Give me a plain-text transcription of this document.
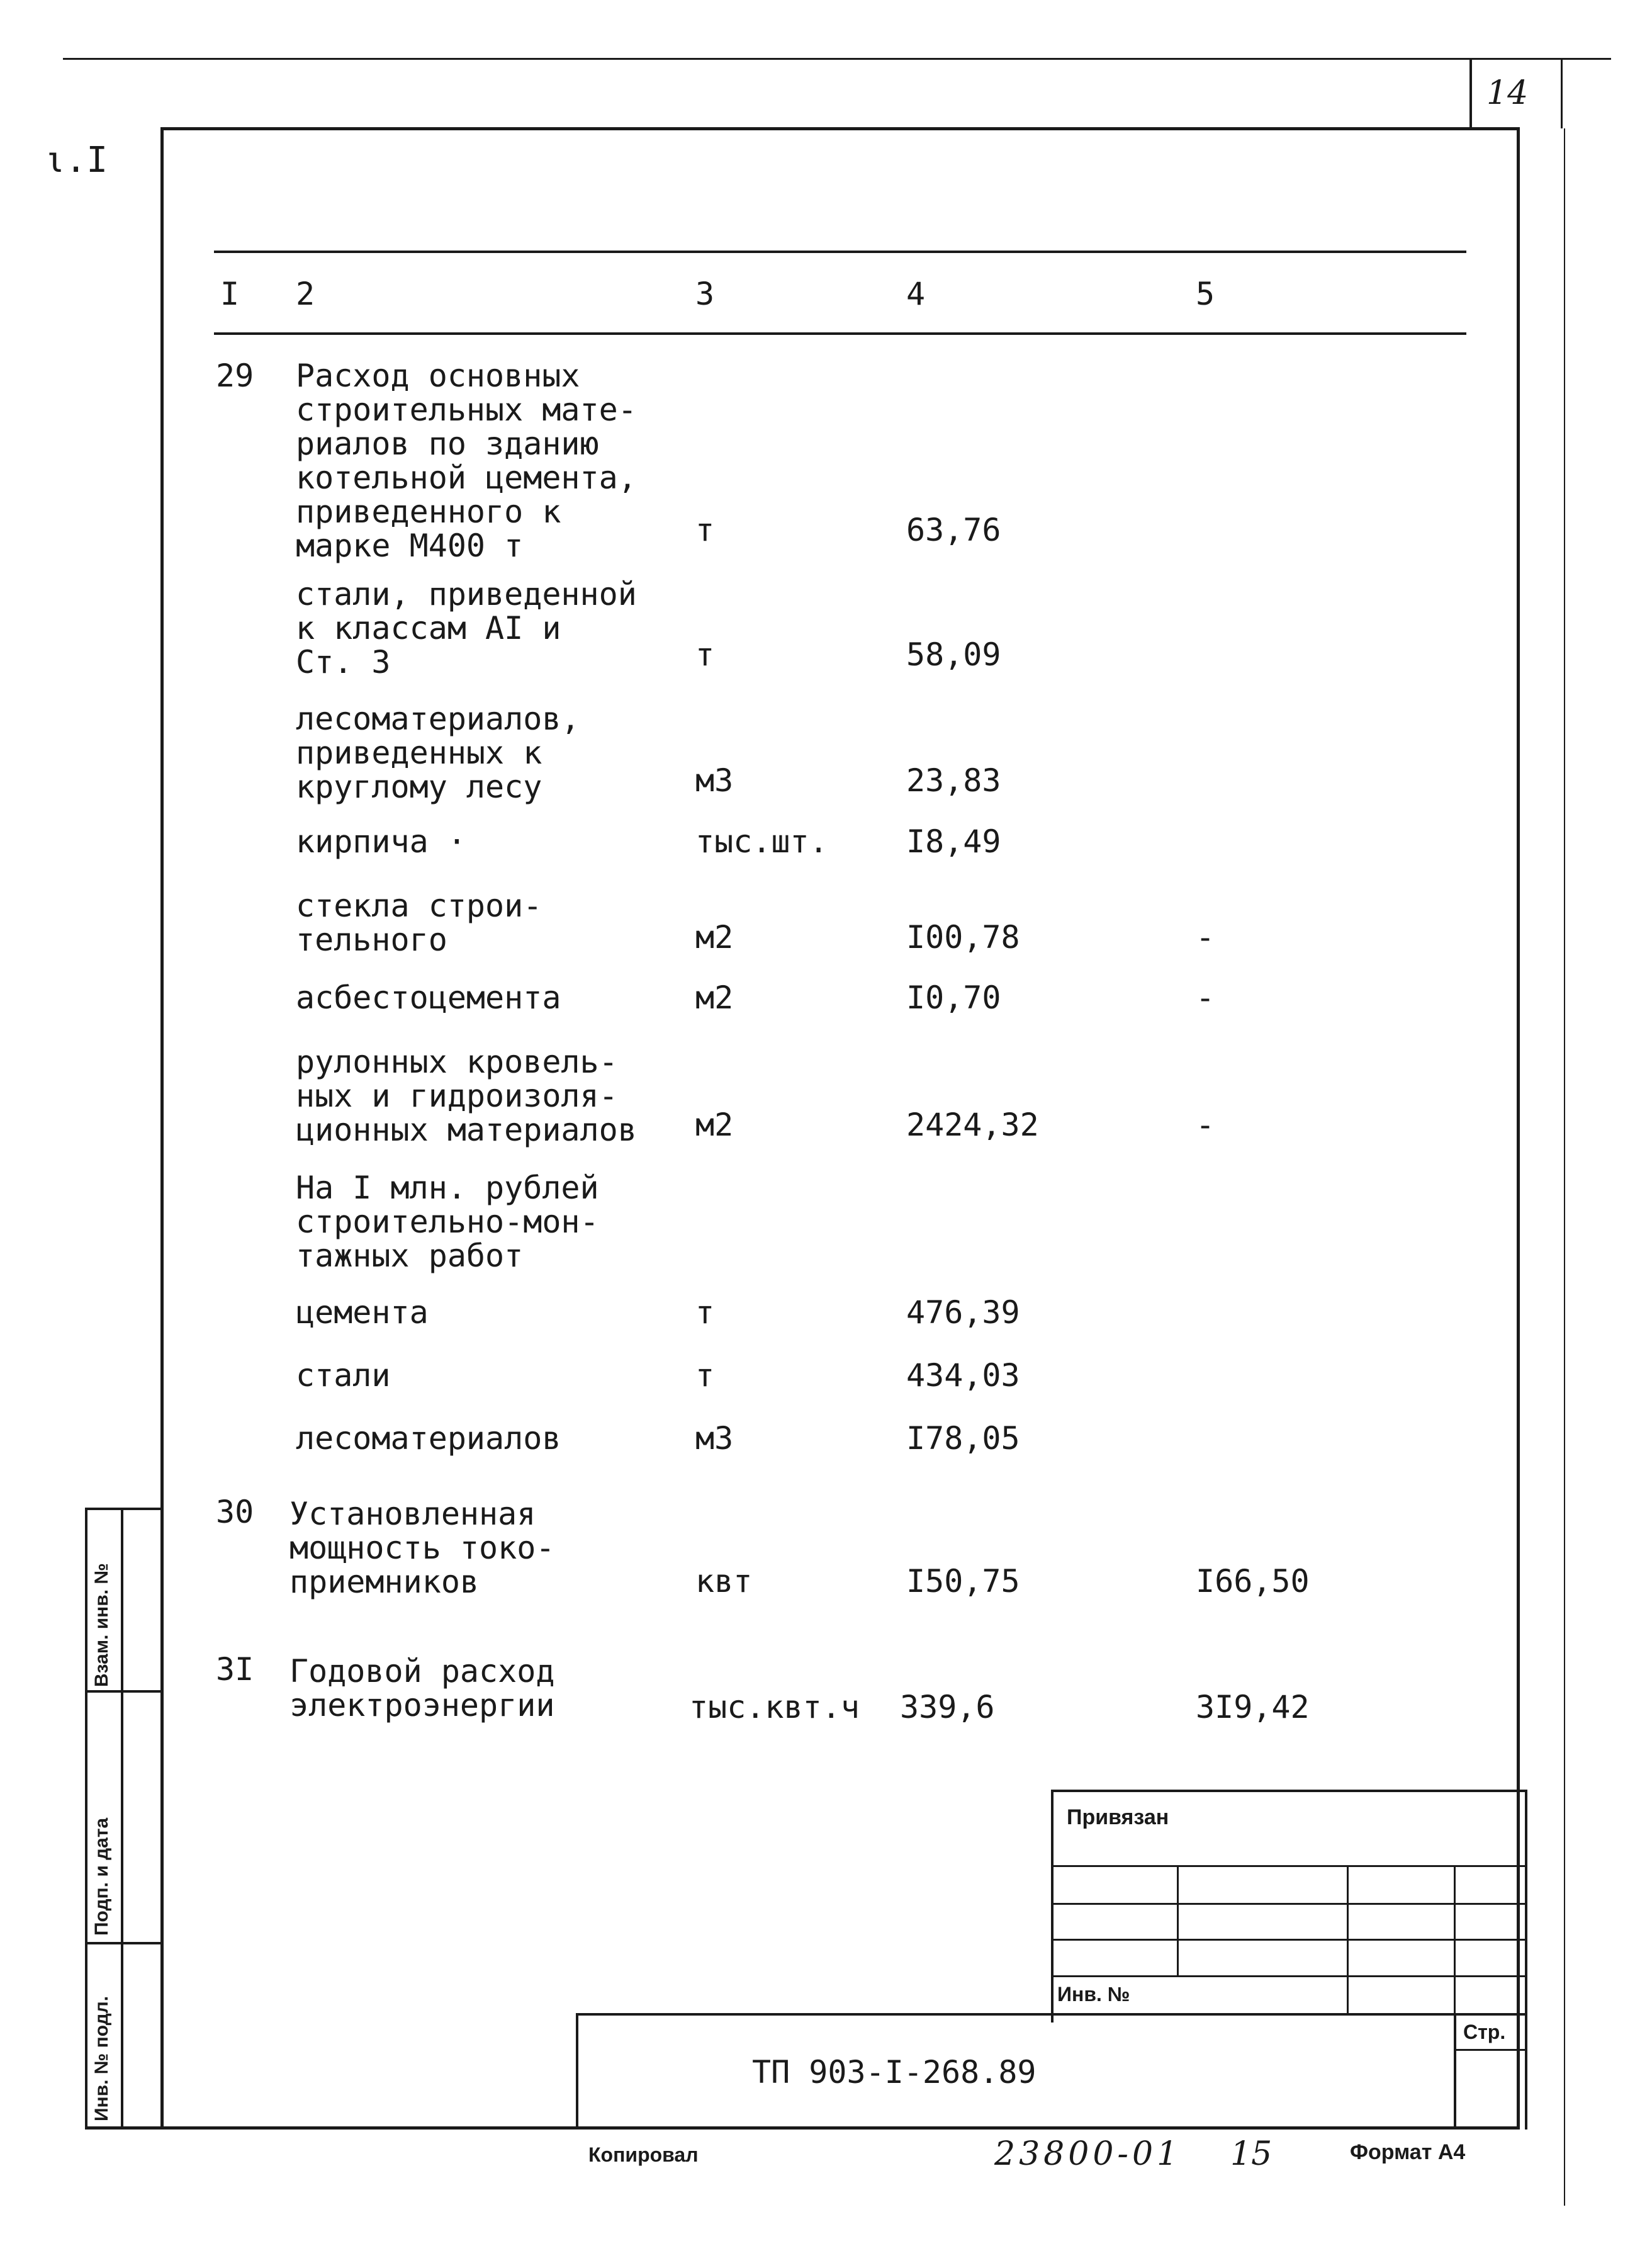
14
ι.I
Взам. инв. №
Подп. и дата
Инв. № подл.
I 2	3	4	5
29 Расход основных
строительных мате-
риалов по зданию
котельной цемента,
приведенного к
марке М400 т	т	63,76
стали, приведенной
к классам AI и
Ст. 3	т	58,09
лесоматериалов,
приведенных к
круглому лесу	м3	23,83
кирпича ·	тыс.шт. I8,49
стекла строи-
тельного	м2	I00,78	-
асбестоцемента	м2	I0,70	-
рулонных кровель-
ных и гидроизоля-
ционных материалов м2	2424,32	-
На I млн. рублей
строительно-мон-
тажных работ
цемента	т	476,39
стали	т	434,03
лесоматериалов	м3	I78,05
30 Установленная
мощность токо-
приемников	квт	I50,75	I66,50
3I Годовой расход
электроэнергии	тыс.квт.ч 339,6	3I9,42
Привязан
Инв. №
Стр.
ТП 903-I-268.89
Копировал	23800-01 15	Формат А4
